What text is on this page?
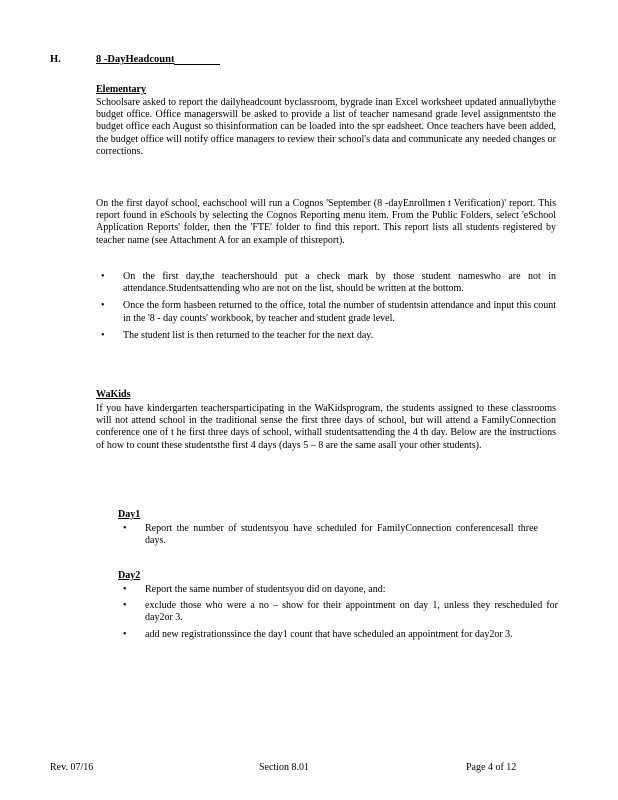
H.	8 -DayHeadcount
Elementary
Schoolsare asked to report the dailyheadcount byclassroom, bygrade inan Excel worksheet updated annuallybythe budget office. Office managerswill be asked to provide a list of teacher namesand grade level assignmentsto the budget office each August so thisinformation can be loaded into the spr eadsheet. Once teachers have been added, the budget office will notify office managers to review their school's data and communicate any needed changes or corrections.
On the first dayof school, eachschool will run a Cognos 'September (8 -dayEnrollmen t Verification)' report. This report found in eSchools by selecting the Cognos Reporting menu item. From the Public Folders, select 'eSchool Application Reports' folder, then the 'FTE' folder to find this report. This report lists all students registered by teacher name (see Attachment A for an example of thisreport).
• On the first day,the teachershould put a check mark by those student nameswho are not in attendance.Studentsattending who are not on the list, should be written at the bottom.
• Once the form hasbeen returned to the office, total the number of studentsin attendance and input this count in the '8 - day counts' workbook, by teacher and student grade level.
• The student list is then returned to the teacher for the next day.
WaKids
If you have kindergarten teachersparticipating in the WaKidsprogram, the students assigned to these classrooms will not attend school in the traditional sense the first three days of school, but will attend a FamilyConnection conference one of t he first three days of school, withall studentsattending the 4 th day. Below are the instructions of how to count these studentsthe first 4 days (days 5 – 8 are the same asall your other students).
Day1
• Report the number of studentsyou have scheduled for FamilyConnection conferencesall three days.
Day2
• Report the same number of studentsyou did on dayone, and:
• exclude those who were a no – show for their appointment on day 1, unless they rescheduled for day2or 3.
• add new registrationssince the day1 count that have scheduled an appointment for day2or 3.
Rev. 07/16	Section 8.01	Page 4 of 12
